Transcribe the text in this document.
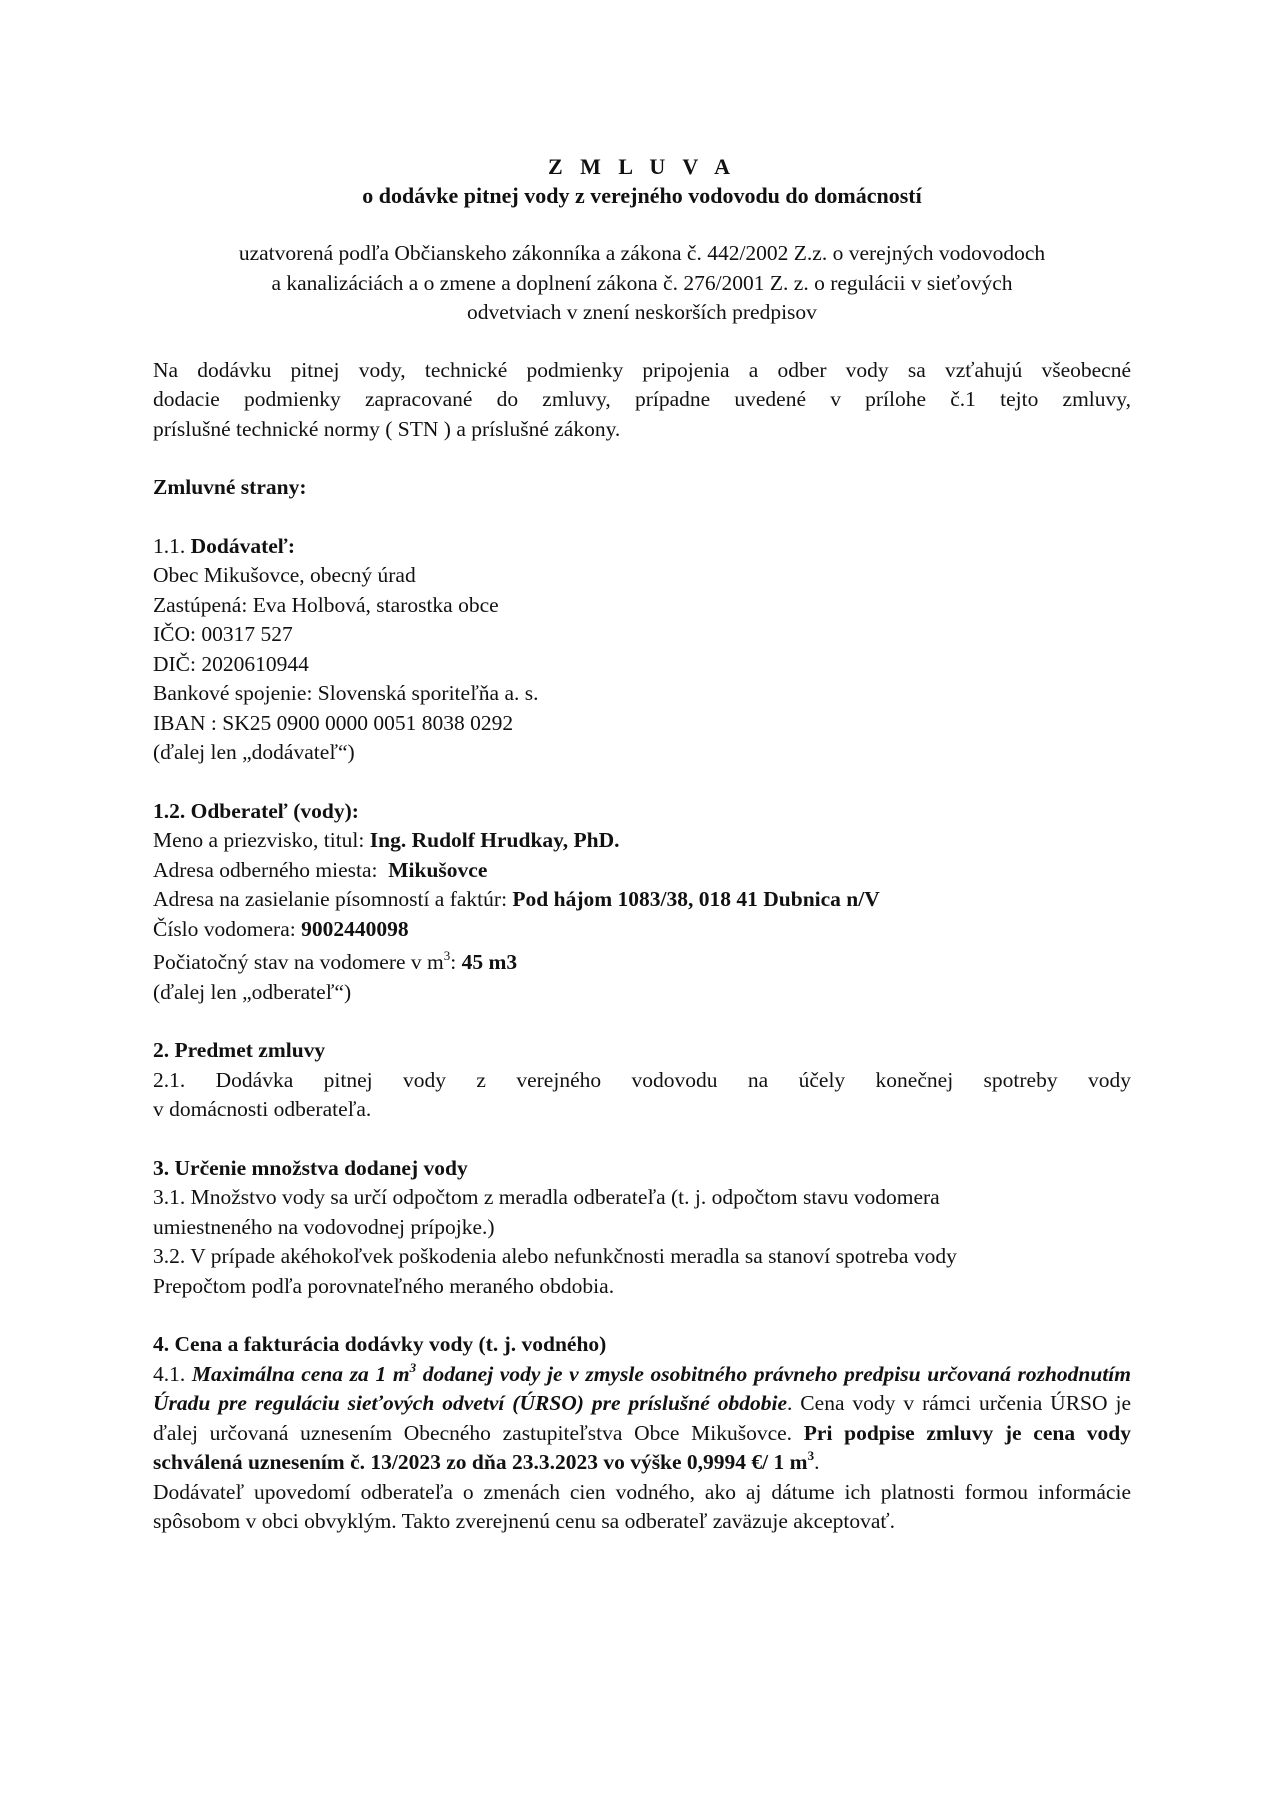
Z M L U V A
o dodávke pitnej vody z verejného vodovodu do domácností
uzatvorená podľa Občianskeho zákonníka a zákona č. 442/2002 Z.z. o verejných vodovodoch
a kanalizáciách a o zmene a doplnení zákona č. 276/2001 Z. z. o regulácii v sieťových
odvetviach v znení neskorších predpisov
Na dodávku pitnej vody, technické podmienky pripojenia a odber vody sa vzťahujú všeobecné
dodacie podmienky zapracované do zmluvy, prípadne uvedené v prílohe č.1 tejto zmluvy,
príslušné technické normy ( STN ) a príslušné zákony.
Zmluvné strany:
1.1. Dodávateľ:
Obec Mikušovce, obecný úrad
Zastúpená: Eva Holbová, starostka obce
IČO: 00317 527
DIČ: 2020610944
Bankové spojenie: Slovenská sporiteľňa a. s.
IBAN : SK25 0900 0000 0051 8038 0292
(ďalej len „dodávateľ“)
1.2. Odberateľ (vody):
Meno a priezvisko, titul: Ing. Rudolf Hrudkay, PhD.
Adresa odberného miesta:  Mikušovce
Adresa na zasielanie písomností a faktúr: Pod hájom 1083/38, 018 41 Dubnica n/V
Číslo vodomera: 9002440098
Počiatočný stav na vodomere v $m^3$: 45 m3
(ďalej len „odberateľ“)
2. Predmet zmluvy
2.1. Dodávka pitnej vody z verejného vodovodu na účely konečnej spotreby vody
v domácnosti odberateľa.
3. Určenie množstva dodanej vody
3.1. Množstvo vody sa určí odpočtom z meradla odberateľa (t. j. odpočtom stavu vodomera
umiestneného na vodovodnej prípojke.)
3.2. V prípade akéhokoľvek poškodenia alebo nefunkčnosti meradla sa stanoví spotreba vody
Prepočtom podľa porovnateľného meraného obdobia.
4. Cena a fakturácia dodávky vody (t. j. vodného)

4.1. Maximálna cena za 1 $m^3$ dodanej vody je v zmysle osobitného právneho predpisu určovaná rozhodnutím Úradu pre reguláciu sieťových odvetví (ÚRSO) pre príslušné obdobie. Cena vody v rámci určenia ÚRSO je ďalej určovaná uznesením Obecného zastupiteľstva Obce Mikušovce. Pri podpise zmluvy je cena vody schválená uznesením č. 13/2023 zo dňa 23.3.2023 vo výške 0,9994 €/ 1 $m^3$.

Dodávateľ upovedomí odberateľa o zmenách cien vodného, ako aj dátume ich platnosti formou informácie spôsobom v obci obvyklým. Takto zverejnenú cenu sa odberateľ zaväzuje akceptovať.
